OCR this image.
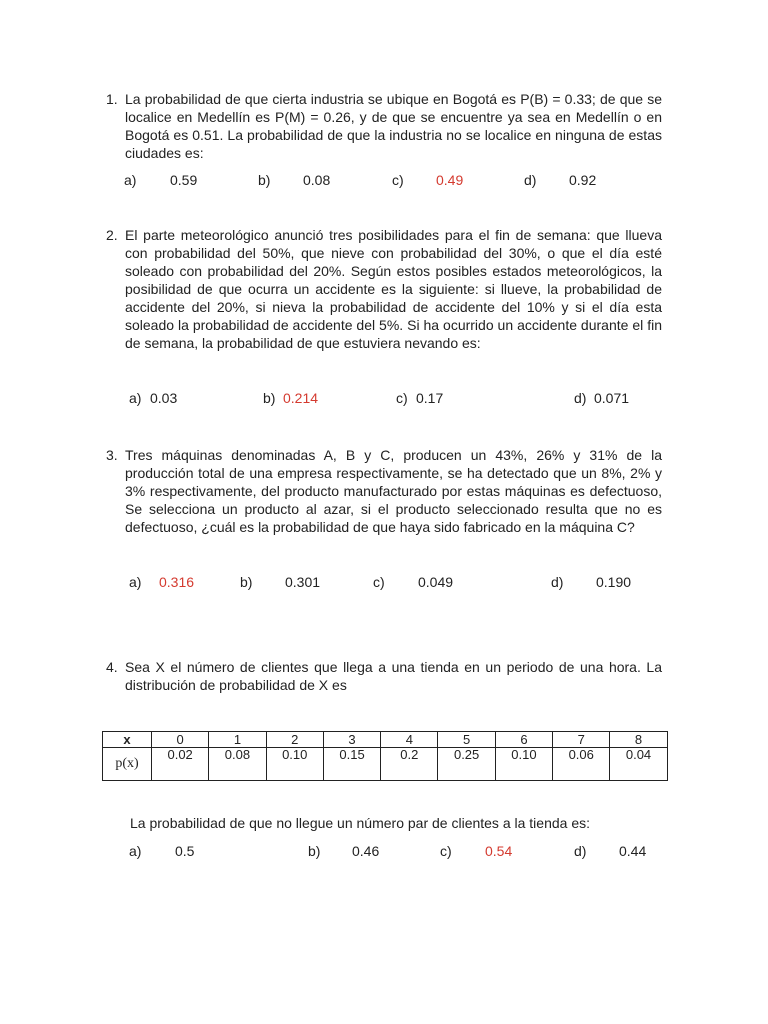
1. La probabilidad de que cierta industria se ubique en Bogotá es P(B) = 0.33; de que se localice en Medellín es P(M) = 0.26, y de que se encuentre ya sea en Medellín o en Bogotá es 0.51. La probabilidad de que la industria no se localice en ninguna de estas ciudades es:
a) 0.59	b) 0.08	c) 0.49	d) 0.92
2. El parte meteorológico anunció tres posibilidades para el fin de semana: que llueva con probabilidad del 50%, que nieve con probabilidad del 30%, o que el día esté soleado con probabilidad del 20%. Según estos posibles estados meteorológicos, la posibilidad de que ocurra un accidente es la siguiente: si llueve, la probabilidad de accidente del 20%, si nieva la probabilidad de accidente del 10% y si el día esta soleado la probabilidad de accidente del 5%. Si ha ocurrido un accidente durante el fin de semana, la probabilidad de que estuviera nevando es:
a) 0.03	b) 0.214	c) 0.17	d) 0.071
3. Tres máquinas denominadas A, B y C, producen un 43%, 26% y 31% de la producción total de una empresa respectivamente, se ha detectado que un 8%, 2% y 3% respectivamente, del producto manufacturado por estas máquinas es defectuoso, Se selecciona un producto al azar, si el producto seleccionado resulta que no es defectuoso, ¿cuál es la probabilidad de que haya sido fabricado en la máquina C?
a) 0.316	b) 0.301	c) 0.049	d) 0.190
4. Sea X el número de clientes que llega a una tienda en un periodo de una hora. La distribución de probabilidad de X es
x	0	1	2	3	4	5	6	7	8
p(x)	0.02	0.08	0.10	0.15	0.2	0.25	0.10	0.06	0.04
La probabilidad de que no llegue un número par de clientes a la tienda es:
a) 0.5	b) 0.46	c) 0.54	d) 0.44
